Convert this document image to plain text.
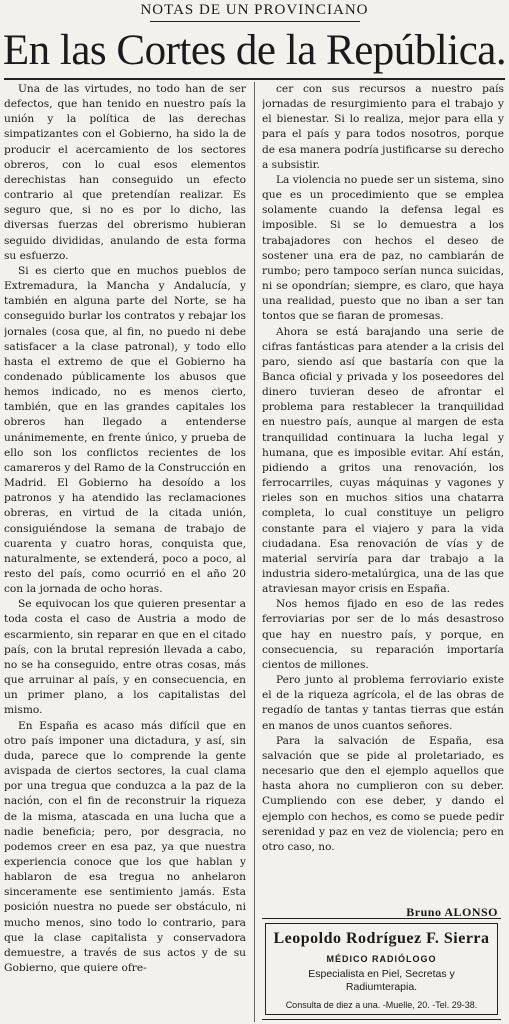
NOTAS DE UN PROVINCIANO
En las Cortes de la República.

Una de las virtudes, no todo han de ser defectos, que han tenido en nuestro país la unión y la política de las derechas simpatizantes con el Gobierno, ha sido la de producir el acercamiento de los sectores obreros, con lo cual esos elementos derechistas han conseguido un efecto contrario al que pretendían realizar. Es seguro que, si no es por lo dicho, las diversas fuerzas del obrerismo hubieran seguido divididas, anulando de esta forma su esfuerzo.

Si es cierto que en muchos pueblos de Extremadura, la Mancha y Andalucía, y también en alguna parte del Norte, se ha conseguido burlar los contratos y rebajar los jornales (cosa que, al fin, no puedo ni debe satisfacer a la clase patronal), y todo ello hasta el extremo de que el Gobierno ha condenado públicamente los abusos que hemos indicado, no es menos cierto, también, que en las grandes capitales los obreros han llegado a entenderse unánimemente, en frente único, y prueba de ello son los conflictos recientes de los camareros y del Ramo de la Construcción en Madrid. El Gobierno ha desoído a los patronos y ha atendido las reclamaciones obreras, en virtud de la citada unión, consiguiéndose la semana de trabajo de cuarenta y cuatro horas, conquista que, naturalmente, se extenderá, poco a poco, al resto del país, como ocurrió en el año 20 con la jornada de ocho horas.

Se equivocan los que quieren presentar a toda costa el caso de Austria a modo de escarmiento, sin reparar en que en el citado país, con la brutal represión llevada a cabo, no se ha conseguido, entre otras cosas, más que arruinar al país, y en consecuencia, en un primer plano, a los capitalistas del mismo.

En España es acaso más difícil que en otro país imponer una dictadura, y así, sin duda, parece que lo comprende la gente avispada de ciertos sectores, la cual clama por una tregua que conduzca a la paz de la nación, con el fin de reconstruir la riqueza de la misma, atascada en una lucha que a nadie beneficia; pero, por desgracia, no podemos creer en esa paz, ya que nuestra experiencia conoce que los que hablan y hablaron de esa tregua no anhelaron sinceramente ese sentimiento jamás. Esta posición nuestra no puede ser obstáculo, ni mucho menos, sino todo lo contrario, para que la clase capitalista y conservadora demuestre, a través de sus actos y de su Gobierno, que quiere ofre-

cer con sus recursos a nuestro país jornadas de resurgimiento para el trabajo y el bienestar. Si lo realiza, mejor para ella y para el país y para todos nosotros, porque de esa manera podría justificarse su derecho a subsistir.

La violencia no puede ser un sistema, sino que es un procedimiento que se emplea solamente cuando la defensa legal es imposible. Si se lo demuestra a los trabajadores con hechos el deseo de sostener una era de paz, no cambiarán de rumbo; pero tampoco serían nunca suicidas, ni se opondrían; siempre, es claro, que haya una realidad, puesto que no iban a ser tan tontos que se fiaran de promesas.

Ahora se está barajando una serie de cifras fantásticas para atender a la crisis del paro, siendo así que bastaría con que la Banca oficial y privada y los poseedores del dinero tuvieran deseo de afrontar el problema para restablecer la tranquilidad en nuestro país, aunque al margen de esta tranquilidad continuara la lucha legal y humana, que es imposible evitar. Ahí están, pidiendo a gritos una renovación, los ferrocarriles, cuyas máquinas y vagones y rieles son en muchos sitios una chatarra completa, lo cual constituye un peligro constante para el viajero y para la vida ciudadana. Esa renovación de vías y de material serviría para dar trabajo a la industria sidero-metalúrgica, una de las que atraviesan mayor crisis en España.

Nos hemos fijado en eso de las redes ferroviarias por ser de lo más desastroso que hay en nuestro país, y porque, en consecuencia, su reparación importaría cientos de millones.

Pero junto al problema ferroviario existe el de la riqueza agrícola, el de las obras de regadío de tantas y tantas tierras que están en manos de unos cuantos señores.

Para la salvación de España, esa salvación que se pide al proletariado, es necesario que den el ejemplo aquellos que hasta ahora no cumplieron con su deber. Cumpliendo con ese deber, y dando el ejemplo con hechos, es como se puede pedir serenidad y paz en vez de violencia; pero en otro caso, no.

Bruno ALONSO
Leopoldo Rodríguez F. Sierra
MÉDICO RADIÓLOGO
Especialista en Piel, Secretas y Radiumterapia.
Consulta de diez a una. -Muelle, 20. -Tel. 29-38.
